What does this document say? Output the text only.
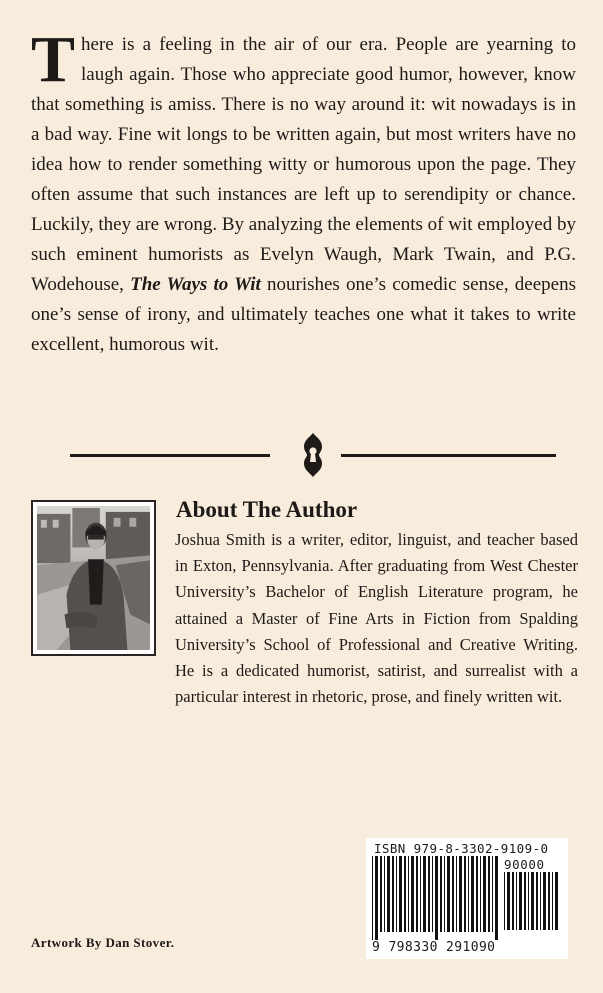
There is a feeling in the air of our era. People are yearning to laugh again. Those who appreciate good humor, however, know that something is amiss. There is no way around it: wit nowadays is in a bad way. Fine wit longs to be written again, but most writers have no idea how to render something witty or humorous upon the page. They often assume that such instances are left up to serendipity or chance. Luckily, they are wrong. By analyzing the elements of wit employed by such eminent humorists as Evelyn Waugh, Mark Twain, and P.G. Wodehouse, The Ways to Wit nourishes one’s comedic sense, deepens one’s sense of irony, and ultimately teaches one what it takes to write excellent, humorous wit.

About The Author

Joshua Smith is a writer, editor, linguist, and teacher based in Exton, Pennsylvania. After graduating from West Chester University’s Bachelor of English Literature program, he attained a Master of Fine Arts in Fiction from Spalding University’s School of Professional and Creative Writing. He is a dedicated humorist, satirist, and surrealist with a particular interest in rhetoric, prose, and finely written wit.

Artwork By Dan Stover.
ISBN 979-8-3302-9109-0
90000
9 798330 291090
